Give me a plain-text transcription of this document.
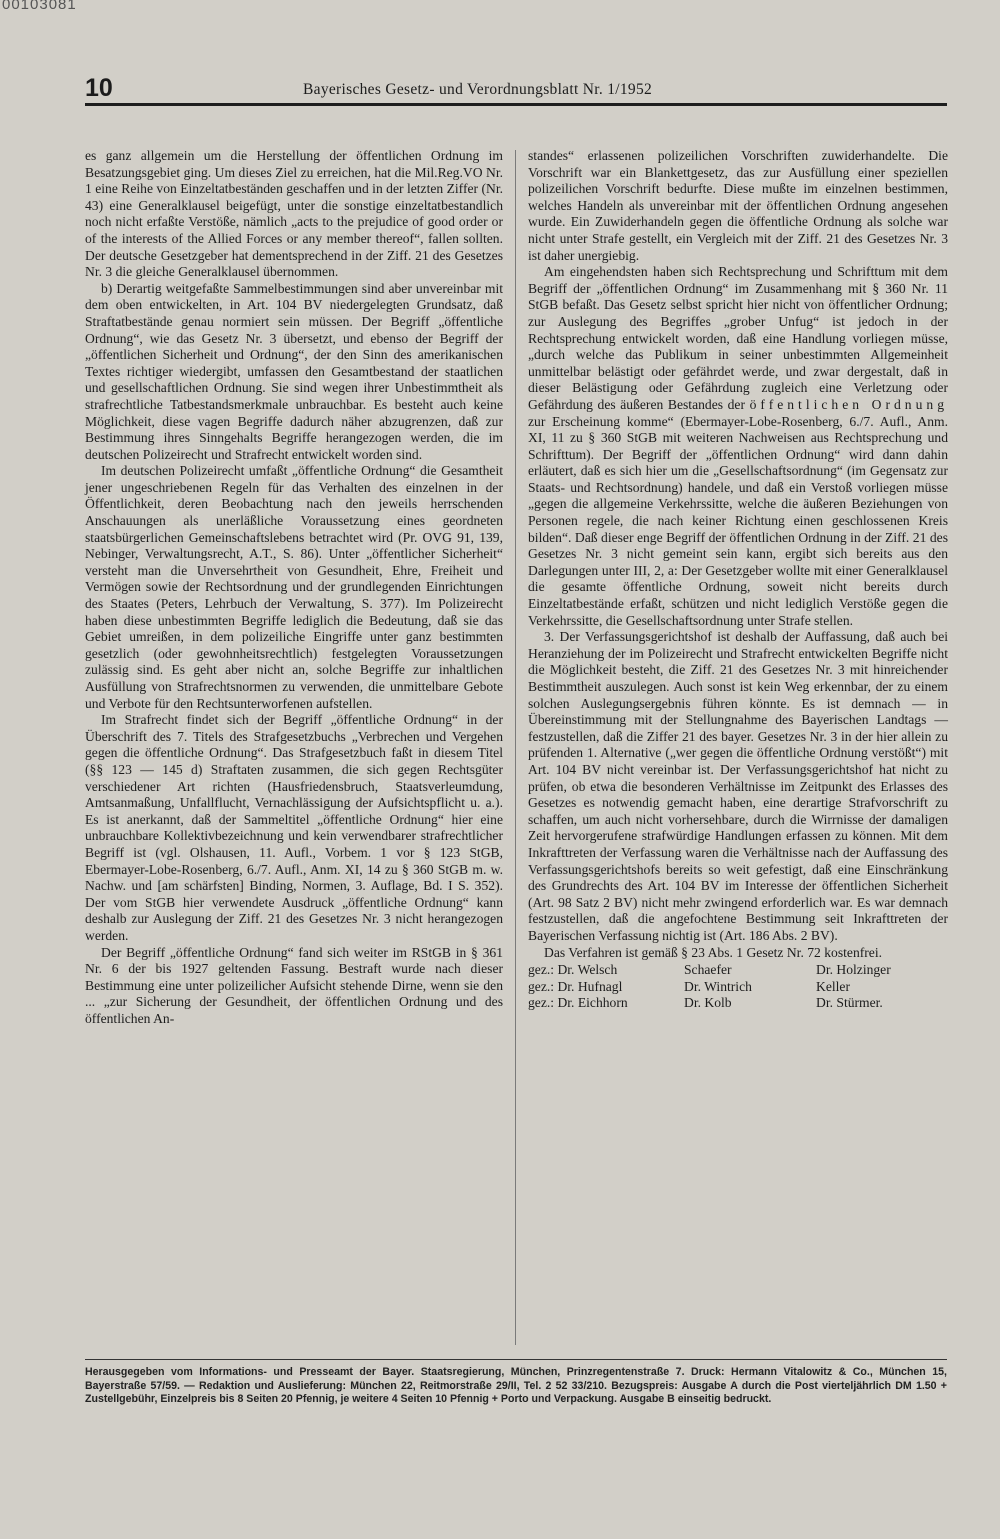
00103081
10	Bayerisches Gesetz- und Verordnungsblatt Nr. 1/1952

es ganz allgemein um die Herstellung der öffentlichen Ordnung im Besatzungsgebiet ging. Um dieses Ziel zu erreichen, hat die Mil.Reg.VO Nr. 1 eine Reihe von Einzeltatbeständen geschaffen und in der letzten Ziffer (Nr. 43) eine Generalklausel beigefügt, unter die sonstige einzeltatbestandlich noch nicht erfaßte Verstöße, nämlich „acts to the prejudice of good order or of the interests of the Allied Forces or any member thereof“, fallen sollten. Der deutsche Gesetzgeber hat dementsprechend in der Ziff. 21 des Gesetzes Nr. 3 die gleiche Generalklausel übernommen.

b) Derartig weitgefaßte Sammelbestimmungen sind aber unvereinbar mit dem oben entwickelten, in Art. 104 BV niedergelegten Grundsatz, daß Straftatbestände genau normiert sein müssen. Der Begriff „öffentliche Ordnung“, wie das Gesetz Nr. 3 übersetzt, und ebenso der Begriff der „öffentlichen Sicherheit und Ordnung“, der den Sinn des amerikanischen Textes richtiger wiedergibt, umfassen den Gesamtbestand der staatlichen und gesellschaftlichen Ordnung. Sie sind wegen ihrer Unbestimmtheit als strafrechtliche Tatbestandsmerkmale unbrauchbar. Es besteht auch keine Möglichkeit, diese vagen Begriffe dadurch näher abzugrenzen, daß zur Bestimmung ihres Sinngehalts Begriffe herangezogen werden, die im deutschen Polizeirecht und Strafrecht entwickelt worden sind.

Im deutschen Polizeirecht umfaßt „öffentliche Ordnung“ die Gesamtheit jener ungeschriebenen Regeln für das Verhalten des einzelnen in der Öffentlichkeit, deren Beobachtung nach den jeweils herrschenden Anschauungen als unerläßliche Voraussetzung eines geordneten staatsbürgerlichen Gemeinschaftslebens betrachtet wird (Pr. OVG 91, 139, Nebinger, Verwaltungsrecht, A.T., S. 86). Unter „öffentlicher Sicherheit“ versteht man die Unversehrtheit von Gesundheit, Ehre, Freiheit und Vermögen sowie der Rechtsordnung und der grundlegenden Einrichtungen des Staates (Peters, Lehrbuch der Verwaltung, S. 377). Im Polizeirecht haben diese unbestimmten Begriffe lediglich die Bedeutung, daß sie das Gebiet umreißen, in dem polizeiliche Eingriffe unter ganz bestimmten gesetzlich (oder gewohnheitsrechtlich) festgelegten Voraussetzungen zulässig sind. Es geht aber nicht an, solche Begriffe zur inhaltlichen Ausfüllung von Strafrechtsnormen zu verwenden, die unmittelbare Gebote und Verbote für den Rechtsunterworfenen aufstellen.

Im Strafrecht findet sich der Begriff „öffentliche Ordnung“ in der Überschrift des 7. Titels des Strafgesetzbuchs „Verbrechen und Vergehen gegen die öffentliche Ordnung“. Das Strafgesetzbuch faßt in diesem Titel (§§ 123 — 145 d) Straftaten zusammen, die sich gegen Rechtsgüter verschiedener Art richten (Hausfriedensbruch, Staatsverleumdung, Amtsanmaßung, Unfallflucht, Vernachlässigung der Aufsichtspflicht u. a.). Es ist anerkannt, daß der Sammeltitel „öffentliche Ordnung“ hier eine unbrauchbare Kollektivbezeichnung und kein verwendbarer strafrechtlicher Begriff ist (vgl. Olshausen, 11. Aufl., Vorbem. 1 vor § 123 StGB, Ebermayer-Lobe-Rosenberg, 6./7. Aufl., Anm. XI, 14 zu § 360 StGB m. w. Nachw. und [am schärfsten] Binding, Normen, 3. Auflage, Bd. I S. 352). Der vom StGB hier verwendete Ausdruck „öffentliche Ordnung“ kann deshalb zur Auslegung der Ziff. 21 des Gesetzes Nr. 3 nicht herangezogen werden.

Der Begriff „öffentliche Ordnung“ fand sich weiter im RStGB in § 361 Nr. 6 der bis 1927 geltenden Fassung. Bestraft wurde nach dieser Bestimmung eine unter polizeilicher Aufsicht stehende Dirne, wenn sie den ... „zur Sicherung der Gesundheit, der öffentlichen Ordnung und des öffentlichen An-

standes“ erlassenen polizeilichen Vorschriften zuwiderhandelte. Die Vorschrift war ein Blankettgesetz, das zur Ausfüllung einer speziellen polizeilichen Vorschrift bedurfte. Diese mußte im einzelnen bestimmen, welches Handeln als unvereinbar mit der öffentlichen Ordnung angesehen wurde. Ein Zuwiderhandeln gegen die öffentliche Ordnung als solche war nicht unter Strafe gestellt, ein Vergleich mit der Ziff. 21 des Gesetzes Nr. 3 ist daher unergiebig.

Am eingehendsten haben sich Rechtsprechung und Schrifttum mit dem Begriff der „öffentlichen Ordnung“ im Zusammenhang mit § 360 Nr. 11 StGB befaßt. Das Gesetz selbst spricht hier nicht von öffentlicher Ordnung; zur Auslegung des Begriffes „grober Unfug“ ist jedoch in der Rechtsprechung entwickelt worden, daß eine Handlung vorliegen müsse, „durch welche das Publikum in seiner unbestimmten Allgemeinheit unmittelbar belästigt oder gefährdet werde, und zwar dergestalt, daß in dieser Belästigung oder Gefährdung zugleich eine Verletzung oder Gefährdung des äußeren Bestandes der öffentlichen Ordnung zur Erscheinung komme“ (Ebermayer-Lobe-Rosenberg, 6./7. Aufl., Anm. XI, 11 zu § 360 StGB mit weiteren Nachweisen aus Rechtsprechung und Schrifttum). Der Begriff der „öffentlichen Ordnung“ wird dann dahin erläutert, daß es sich hier um die „Gesellschaftsordnung“ (im Gegensatz zur Staats- und Rechtsordnung) handele, und daß ein Verstoß vorliegen müsse „gegen die allgemeine Verkehrssitte, welche die äußeren Beziehungen von Personen regele, die nach keiner Richtung einen geschlossenen Kreis bilden“. Daß dieser enge Begriff der öffentlichen Ordnung in der Ziff. 21 des Gesetzes Nr. 3 nicht gemeint sein kann, ergibt sich bereits aus den Darlegungen unter III, 2, a: Der Gesetzgeber wollte mit einer Generalklausel die gesamte öffentliche Ordnung, soweit nicht bereits durch Einzeltatbestände erfaßt, schützen und nicht lediglich Verstöße gegen die Verkehrssitte, die Gesellschaftsordnung unter Strafe stellen.

3. Der Verfassungsgerichtshof ist deshalb der Auffassung, daß auch bei Heranziehung der im Polizeirecht und Strafrecht entwickelten Begriffe nicht die Möglichkeit besteht, die Ziff. 21 des Gesetzes Nr. 3 mit hinreichender Bestimmtheit auszulegen. Auch sonst ist kein Weg erkennbar, der zu einem solchen Auslegungsergebnis führen könnte. Es ist demnach — in Übereinstimmung mit der Stellungnahme des Bayerischen Landtags — festzustellen, daß die Ziffer 21 des bayer. Gesetzes Nr. 3 in der hier allein zu prüfenden 1. Alternative („wer gegen die öffentliche Ordnung verstößt“) mit Art. 104 BV nicht vereinbar ist. Der Verfassungsgerichtshof hat nicht zu prüfen, ob etwa die besonderen Verhältnisse im Zeitpunkt des Erlasses des Gesetzes es notwendig gemacht haben, eine derartige Strafvorschrift zu schaffen, um auch nicht vorhersehbare, durch die Wirrnisse der damaligen Zeit hervorgerufene strafwürdige Handlungen erfassen zu können. Mit dem Inkrafttreten der Verfassung waren die Verhältnisse nach der Auffassung des Verfassungsgerichtshofs bereits so weit gefestigt, daß eine Einschränkung des Grundrechts des Art. 104 BV im Interesse der öffentlichen Sicherheit (Art. 98 Satz 2 BV) nicht mehr zwingend erforderlich war. Es war demnach festzustellen, daß die angefochtene Bestimmung seit Inkrafttreten der Bayerischen Verfassung nichtig ist (Art. 186 Abs. 2 BV).

Das Verfahren ist gemäß § 23 Abs. 1 Gesetz Nr. 72 kostenfrei.

gez.: Dr. Welsch	Schaefer	Dr. Holzinger
gez.: Dr. Hufnagl	Dr. Wintrich	Keller
gez.: Dr. Eichhorn	Dr. Kolb	Dr. Stürmer.
Herausgegeben vom Informations- und Presseamt der Bayer. Staatsregierung, München, Prinzregentenstraße 7. Druck: Hermann Vitalowitz & Co., München 15, Bayerstraße 57/59. — Redaktion und Auslieferung: München 22, Reitmorstraße 29/II, Tel. 2 52 33/210. Bezugspreis: Ausgabe A durch die Post vierteljährlich DM 1.50 + Zustellgebühr, Einzelpreis bis 8 Seiten 20 Pfennig, je weitere 4 Seiten 10 Pfennig + Porto und Verpackung. Ausgabe B einseitig bedruckt.
